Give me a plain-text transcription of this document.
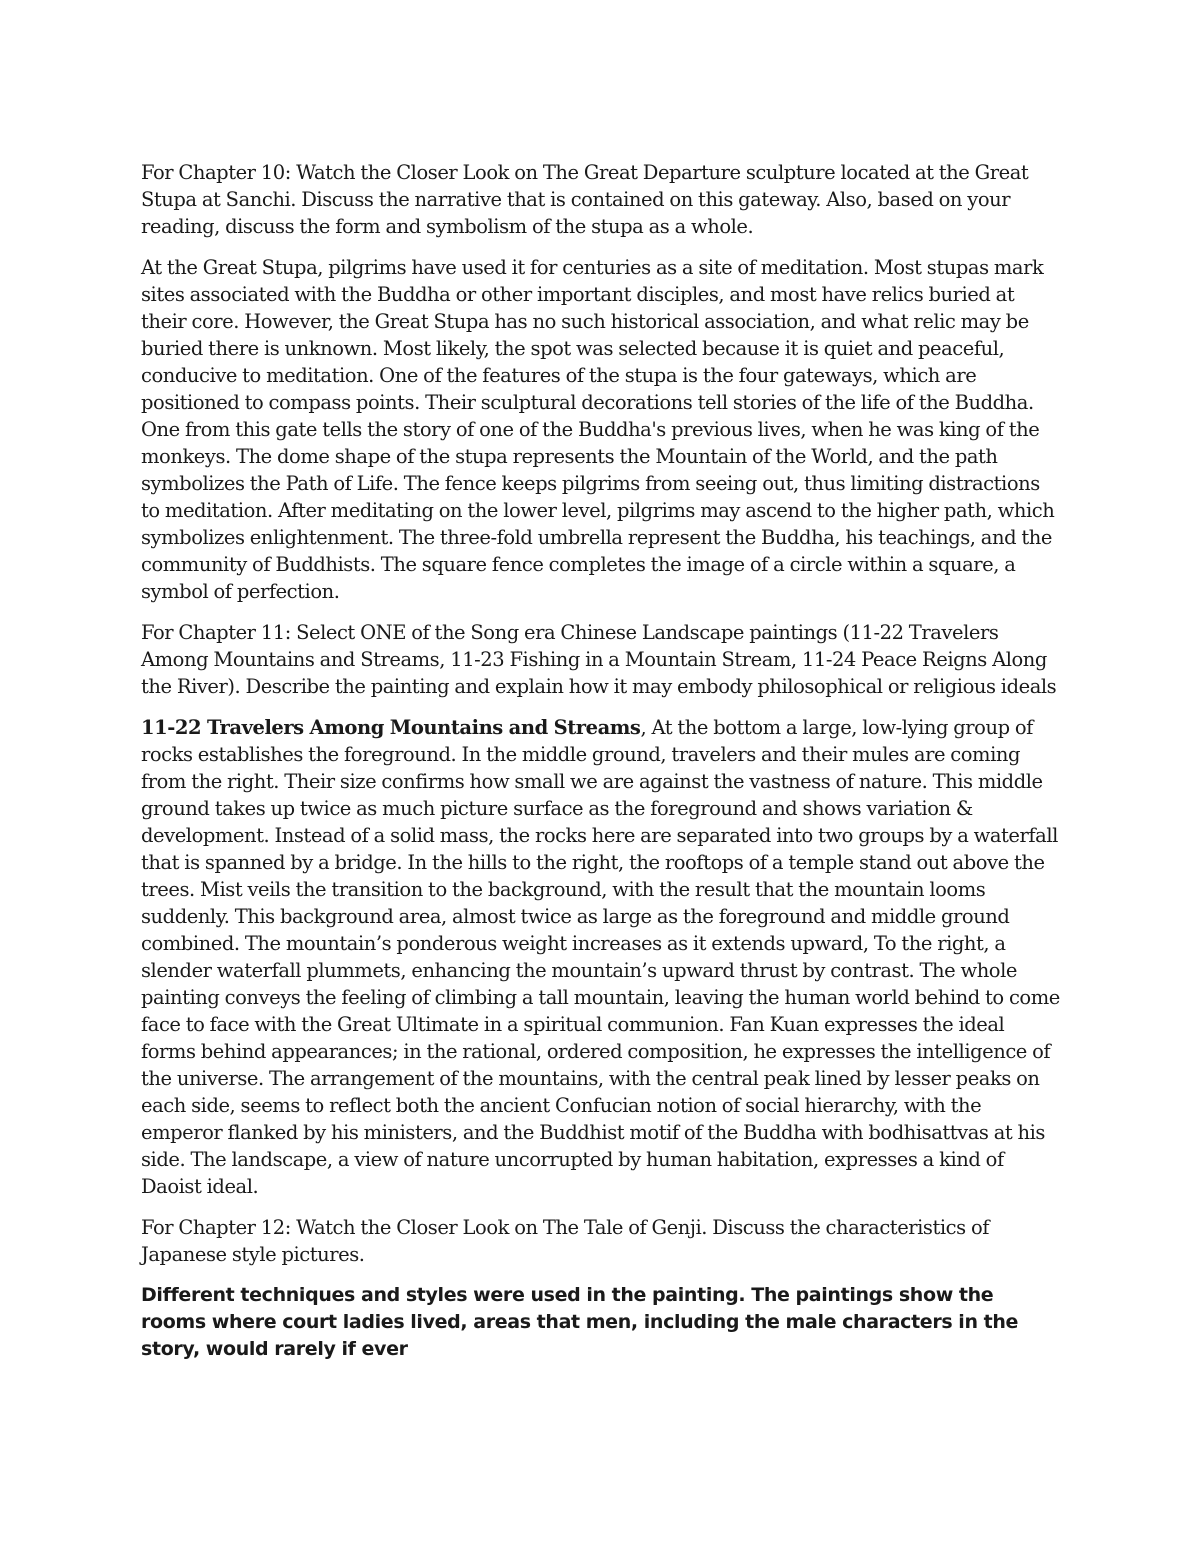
For Chapter 10: Watch the Closer Look on The Great Departure sculpture located at the Great Stupa at Sanchi. Discuss the narrative that is contained on this gateway. Also, based on your reading, discuss the form and symbolism of the stupa as a whole.

At the Great Stupa, pilgrims have used it for centuries as a site of meditation. Most stupas mark sites associated with the Buddha or other important disciples, and most have relics buried at their core. However, the Great Stupa has no such historical association, and what relic may be buried there is unknown. Most likely, the spot was selected because it is quiet and peaceful, conducive to meditation. One of the features of the stupa is the four gateways, which are positioned to compass points. Their sculptural decorations tell stories of the life of the Buddha. One from this gate tells the story of one of the Buddha's previous lives, when he was king of the monkeys. The dome shape of the stupa represents the Mountain of the World, and the path symbolizes the Path of Life. The fence keeps pilgrims from seeing out, thus limiting distractions to meditation. After meditating on the lower level, pilgrims may ascend to the higher path, which symbolizes enlightenment. The three-fold umbrella represent the Buddha, his teachings, and the community of Buddhists. The square fence completes the image of a circle within a square, a symbol of perfection.

For Chapter 11: Select ONE of the Song era Chinese Landscape paintings (11-22 Travelers Among Mountains and Streams, 11-23 Fishing in a Mountain Stream, 11-24 Peace Reigns Along the River). Describe the painting and explain how it may embody philosophical or religious ideals

11-22 Travelers Among Mountains and Streams, At the bottom a large, low-lying group of rocks establishes the foreground. In the middle ground, travelers and their mules are coming from the right. Their size confirms how small we are against the vastness of nature. This middle ground takes up twice as much picture surface as the foreground and shows variation & development. Instead of a solid mass, the rocks here are separated into two groups by a waterfall that is spanned by a bridge. In the hills to the right, the rooftops of a temple stand out above the trees. Mist veils the transition to the background, with the result that the mountain looms suddenly. This background area, almost twice as large as the foreground and middle ground combined. The mountain’s ponderous weight increases as it extends upward, To the right, a slender waterfall plummets, enhancing the mountain’s upward thrust by contrast. The whole painting conveys the feeling of climbing a tall mountain, leaving the human world behind to come face to face with the Great Ultimate in a spiritual communion. Fan Kuan expresses the ideal forms behind appearances; in the rational, ordered composition, he expresses the intelligence of the universe. The arrangement of the mountains, with the central peak lined by lesser peaks on each side, seems to reflect both the ancient Confucian notion of social hierarchy, with the emperor flanked by his ministers, and the Buddhist motif of the Buddha with bodhisattvas at his side. The landscape, a view of nature uncorrupted by human habitation, expresses a kind of Daoist ideal.

For Chapter 12: Watch the Closer Look on The Tale of Genji. Discuss the characteristics of Japanese style pictures.

Different techniques and styles were used in the painting. The paintings show the rooms where court ladies lived, areas that men, including the male characters in the story, would rarely if ever
